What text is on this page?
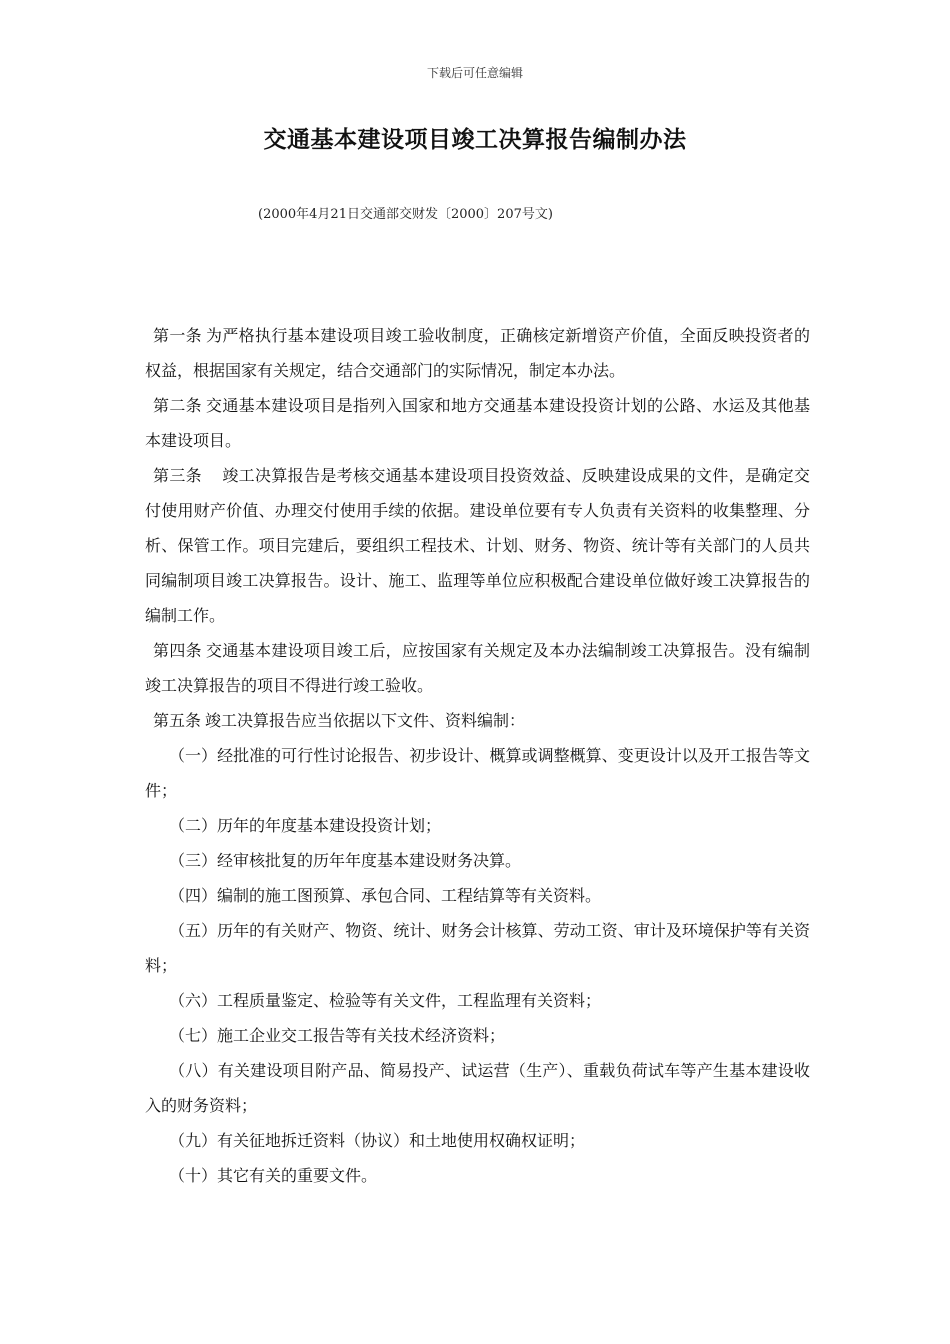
下载后可任意编辑
交通基本建设项目竣工决算报告编制办法
(2000年4月21日交通部交财发〔2000〕207号文)

第一条 为严格执行基本建设项目竣工验收制度，正确核定新增资产价值，全面反映投资者的权益，根据国家有关规定，结合交通部门的实际情况，制定本办法。

第二条 交通基本建设项目是指列入国家和地方交通基本建设投资计划的公路、水运及其他基本建设项目。

第三条 竣工决算报告是考核交通基本建设项目投资效益、反映建设成果的文件，是确定交付使用财产价值、办理交付使用手续的依据。建设单位要有专人负责有关资料的收集整理、分析、保管工作。项目完建后，要组织工程技术、计划、财务、物资、统计等有关部门的人员共同编制项目竣工决算报告。设计、施工、监理等单位应积极配合建设单位做好竣工决算报告的编制工作。

第四条 交通基本建设项目竣工后，应按国家有关规定及本办法编制竣工决算报告。没有编制竣工决算报告的项目不得进行竣工验收。

第五条 竣工决算报告应当依据以下文件、资料编制：

（一）经批准的可行性讨论报告、初步设计、概算或调整概算、变更设计以及开工报告等文件；

（二）历年的年度基本建设投资计划；

（三）经审核批复的历年年度基本建设财务决算。

（四）编制的施工图预算、承包合同、工程结算等有关资料。

（五）历年的有关财产、物资、统计、财务会计核算、劳动工资、审计及环境保护等有关资料；

（六）工程质量鉴定、检验等有关文件，工程监理有关资料；

（七）施工企业交工报告等有关技术经济资料；

（八）有关建设项目附产品、简易投产、试运营（生产）、重载负荷试车等产生基本建设收入的财务资料；

（九）有关征地拆迁资料（协议）和土地使用权确权证明；

（十）其它有关的重要文件。
